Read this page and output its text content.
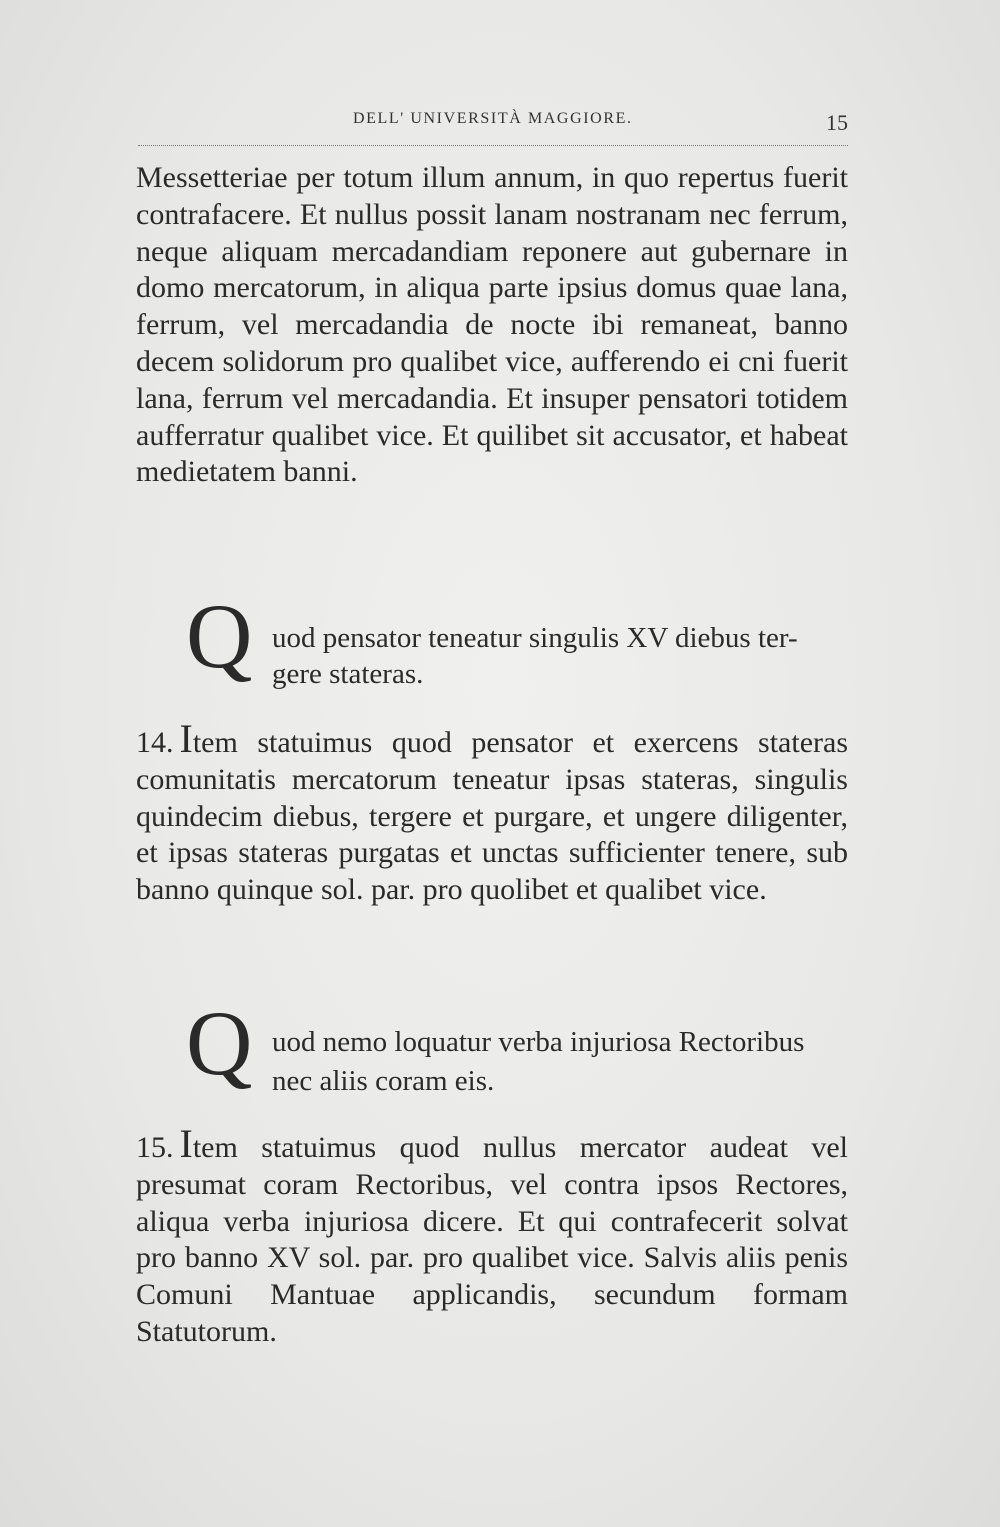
DELL' UNIVERSITÀ MAGGIORE.	15

Messetteriae per totum illum annum, in quo repertus fuerit contrafacere. Et nullus possit lanam nostranam nec ferrum, neque aliquam mercadandiam reponere aut gubernare in domo mercatorum, in aliqua parte ipsius domus quae lana, ferrum, vel mercadandia de nocte ibi remaneat, banno decem solidorum pro qualibet vice, aufferendo ei cni fuerit lana, ferrum vel mercadandia. Et insuper pensatori totidem aufferratur qualibet vice. Et quilibet sit accusator, et habeat medietatem banni.

Q uod pensator teneatur singulis XV diebus ter-
gere stateras.

14. Item statuimus quod pensator et exercens stateras comunitatis mercatorum teneatur ipsas stateras, singulis quindecim diebus, tergere et purgare, et ungere diligenter, et ipsas stateras purgatas et unctas sufficienter tenere, sub banno quinque sol. par. pro quolibet et qualibet vice.

Q uod nemo loquatur verba injuriosa Rectoribus
nec aliis coram eis.

15. Item statuimus quod nullus mercator audeat vel presumat coram Rectoribus, vel contra ipsos Rectores, aliqua verba injuriosa dicere. Et qui contrafecerit solvat pro banno XV sol. par. pro qualibet vice. Salvis aliis penis Comuni Mantuae applicandis, secundum formam Statutorum.
